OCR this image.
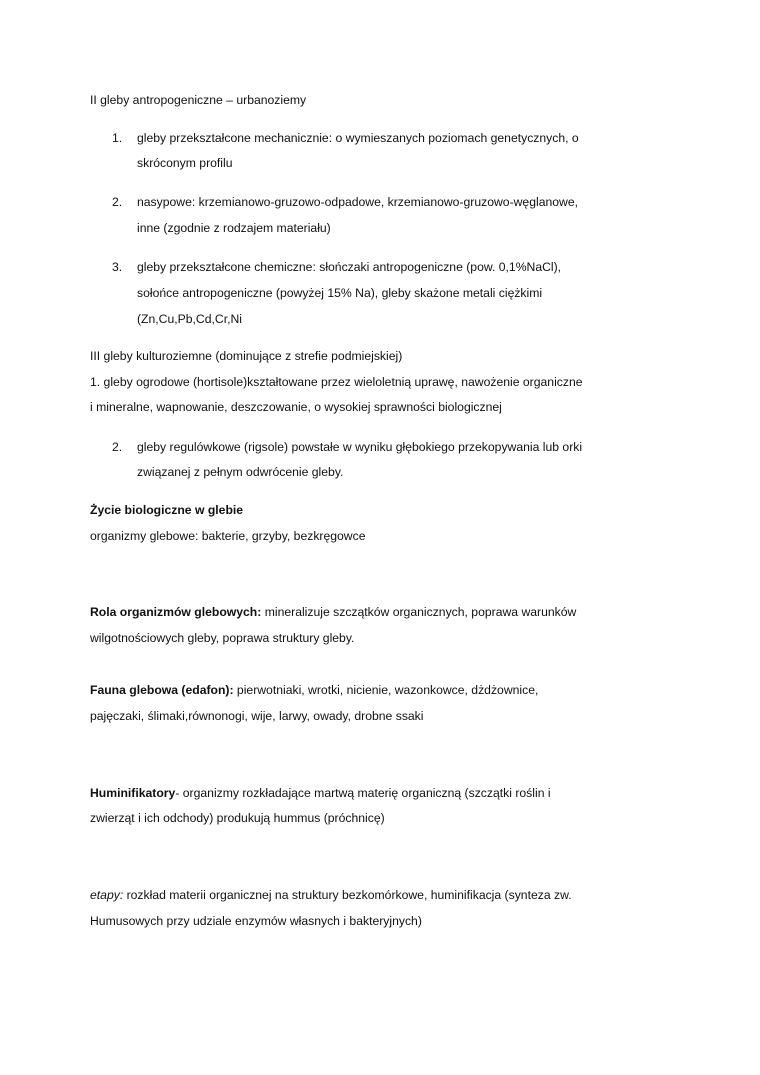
II gleby antropogeniczne – urbanoziemy
1. gleby przekształcone mechanicznie: o wymieszanych poziomach genetycznych, o
skróconym profilu
2. nasypowe: krzemianowo-gruzowo-odpadowe, krzemianowo-gruzowo-węglanowe,
inne (zgodnie z rodzajem materiału)
3. gleby przekształcone chemiczne: słończaki antropogeniczne (pow. 0,1%NaCl),
sołońce antropogeniczne (powyżej 15% Na), gleby skażone metali ciężkimi
(Zn,Cu,Pb,Cd,Cr,Ni
III gleby kulturoziemne (dominujące z strefie podmiejskiej)
1. gleby ogrodowe (hortisole)kształtowane przez wieloletnią uprawę, nawożenie organiczne
i mineralne, wapnowanie, deszczowanie, o wysokiej sprawności biologicznej
2. gleby regulówkowe (rigsole) powstałe w wyniku głębokiego przekopywania lub orki
związanej z pełnym odwrócenie gleby.
Życie biologiczne w glebie
organizmy glebowe: bakterie, grzyby, bezkręgowce
Rola organizmów glebowych: mineralizuje szczątków organicznych, poprawa warunków
wilgotnościowych gleby, poprawa struktury gleby.
Fauna glebowa (edafon): pierwotniaki, wrotki, nicienie, wazonkowce, dżdżownice,
pajęczaki, ślimaki,równonogi, wije, larwy, owady, drobne ssaki
Huminifikatory- organizmy rozkładające martwą materię organiczną (szczątki roślin i
zwierząt i ich odchody) produkują hummus (próchnicę)
etapy: rozkład materii organicznej na struktury bezkomórkowe, huminifikacja (synteza zw.
Humusowych przy udziale enzymów własnych i bakteryjnych)
